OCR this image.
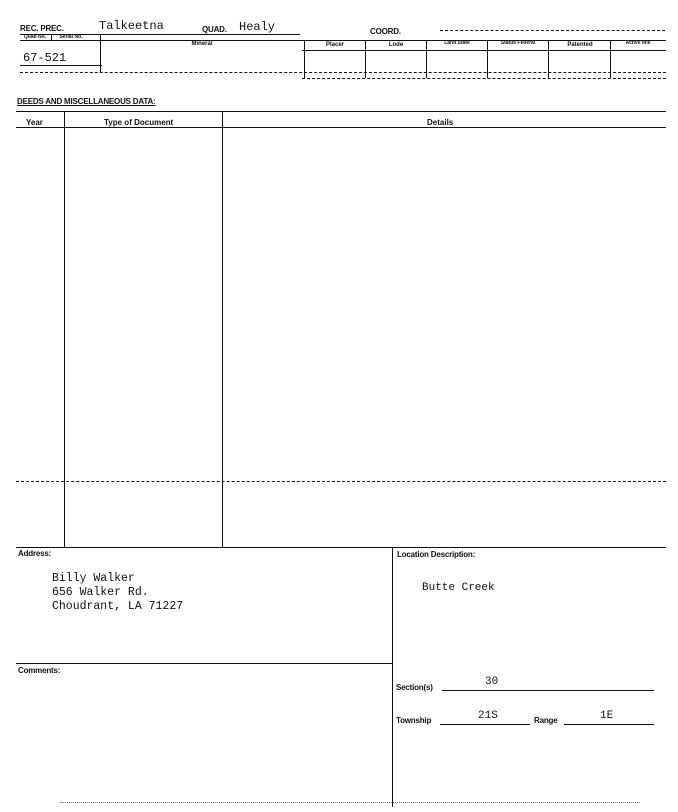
REC. PREC.	Talkeetna	QUAD. Healy	COORD.
Quad No.	Serial No.
Mineral	Placer	Lode	Land State	Status Federal	Patented	Active Idle
67-521
DEEDS AND MISCELLANEOUS DATA:
Year	Type of Document	Details
Address:
Billy Walker
656 Walker Rd.
Choudrant, LA 71227
Location Description:
Butte Creek
Section(s)	30
Township	21S	Range	1E
Comments:
